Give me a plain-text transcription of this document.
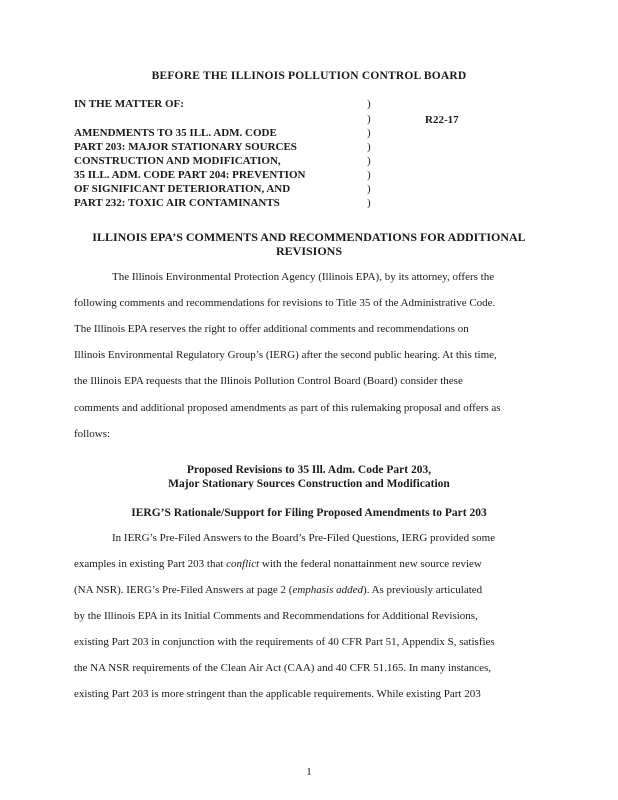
BEFORE THE ILLINOIS POLLUTION CONTROL BOARD
IN THE MATTER OF:
AMENDMENTS TO 35 ILL. ADM. CODE
PART 203: MAJOR STATIONARY SOURCES
CONSTRUCTION AND MODIFICATION,
35 ILL. ADM. CODE PART 204: PREVENTION
OF SIGNIFICANT DETERIORATION, AND
PART 232: TOXIC AIR CONTAMINANTS
)
)
)
)
)
)
)
)
R22-17
ILLINOIS EPA’S COMMENTS AND RECOMMENDATIONS FOR ADDITIONAL
REVISIONS
The Illinois Environmental Protection Agency (Illinois EPA), by its attorney, offers the
following comments and recommendations for revisions to Title 35 of the Administrative Code.
The Illinois EPA reserves the right to offer additional comments and recommendations on
Illinois Environmental Regulatory Group’s (IERG) after the second public hearing. At this time,
the Illinois EPA requests that the Illinois Pollution Control Board (Board) consider these
comments and additional proposed amendments as part of this rulemaking proposal and offers as
follows:
Proposed Revisions to 35 Ill. Adm. Code Part 203,
Major Stationary Sources Construction and Modification
IERG’S Rationale/Support for Filing Proposed Amendments to Part 203
In IERG’s Pre-Filed Answers to the Board’s Pre-Filed Questions, IERG provided some
examples in existing Part 203 that conflict with the federal nonattainment new source review
(NA NSR). IERG’s Pre-Filed Answers at page 2 (emphasis added). As previously articulated
by the Illinois EPA in its Initial Comments and Recommendations for Additional Revisions,
existing Part 203 in conjunction with the requirements of 40 CFR Part 51, Appendix S, satisfies
the NA NSR requirements of the Clean Air Act (CAA) and 40 CFR 51.165. In many instances,
existing Part 203 is more stringent than the applicable requirements. While existing Part 203
1
